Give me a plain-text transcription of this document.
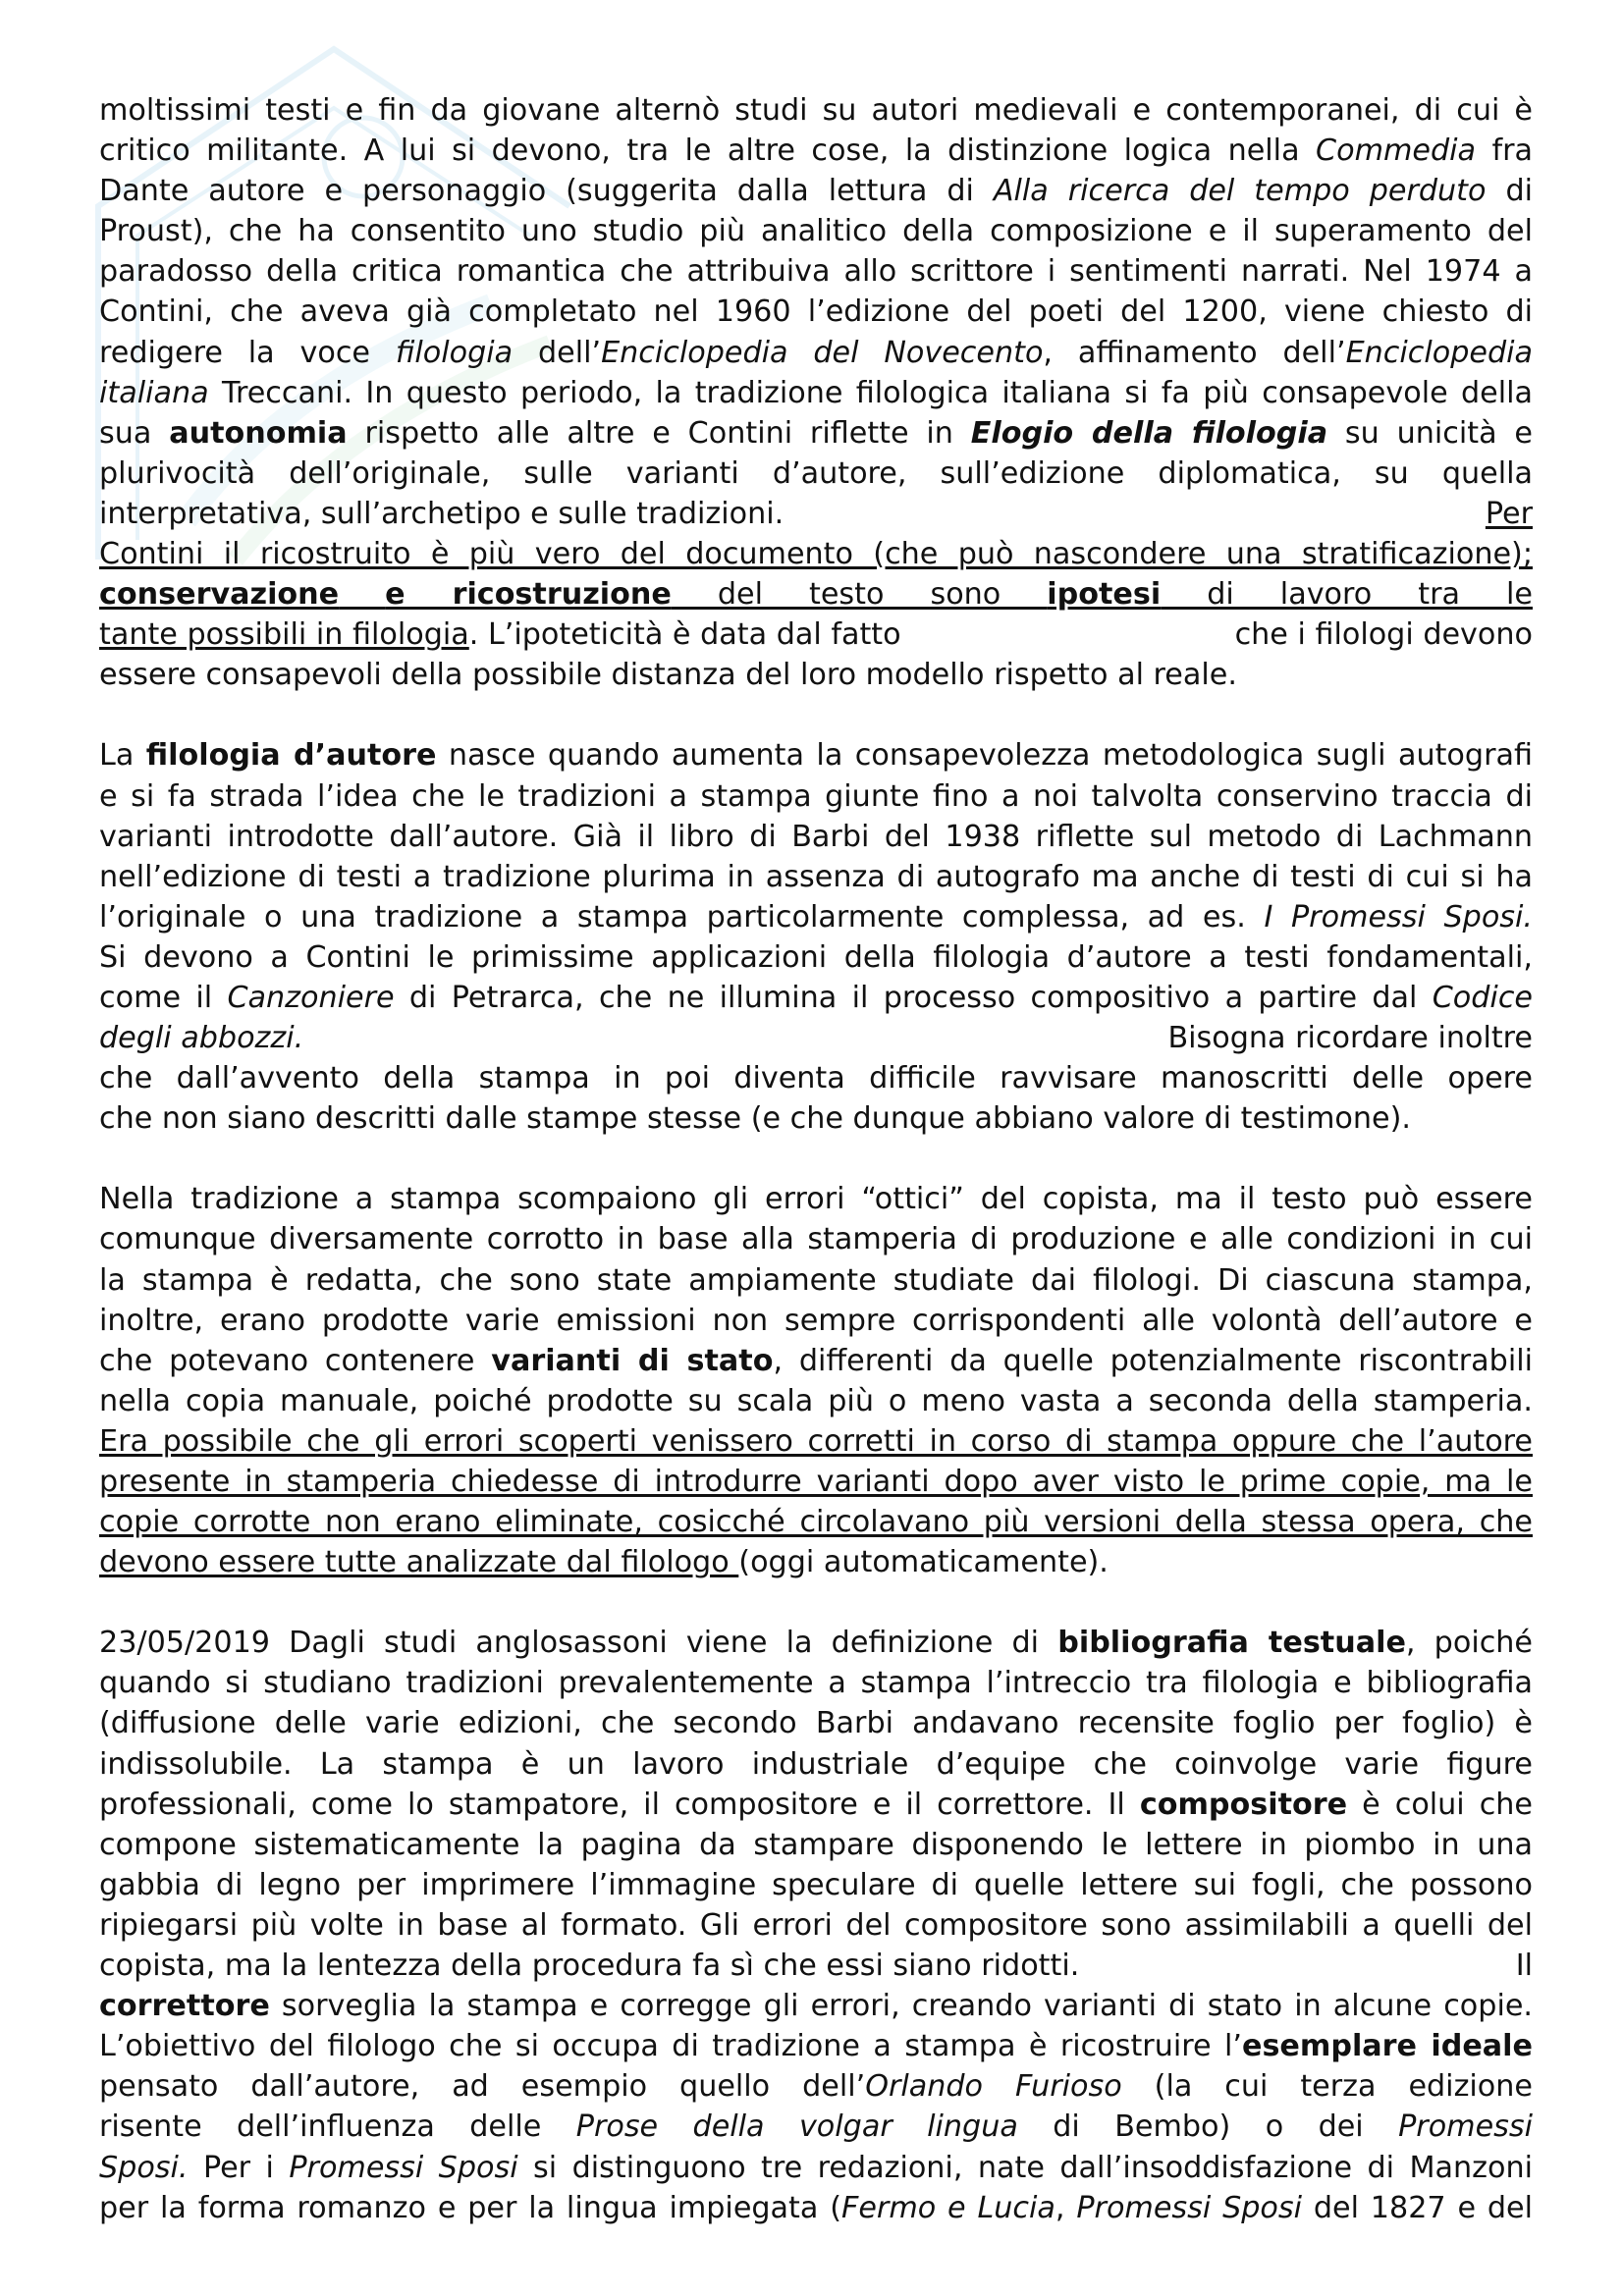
moltissimi testi e fin da giovane alternò studi su autori medievali e contemporanei, di cui è
critico militante. A lui si devono, tra le altre cose, la distinzione logica nella Commedia fra
Dante autore e personaggio (suggerita dalla lettura di Alla ricerca del tempo perduto di
Proust), che ha consentito uno studio più analitico della composizione e il superamento del
paradosso della critica romantica che attribuiva allo scrittore i sentimenti narrati. Nel 1974 a
Contini, che aveva già completato nel 1960 l’edizione del poeti del 1200, viene chiesto di
redigere la voce filologia dell’Enciclopedia del Novecento, affinamento dell’Enciclopedia
italiana Treccani. In questo periodo, la tradizione filologica italiana si fa più consapevole della
sua autonomia rispetto alle altre e Contini riflette in Elogio della filologia su unicità e
plurivocità dell’originale, sulle varianti d’autore, sull’edizione diplomatica, su quella
interpretativa, sull’archetipo e sulle tradizioni.	Per
Contini il ricostruito è più vero del documento (che può nascondere una stratificazione);
conservazione e ricostruzione del testo sono ipotesi di lavoro tra le
tante possibili in filologia. L’ipoteticità è data dal fatto	che i filologi devono
essere consapevoli della possibile distanza del loro modello rispetto al reale.

La filologia d’autore nasce quando aumenta la consapevolezza metodologica sugli autografi
e si fa strada l’idea che le tradizioni a stampa giunte fino a noi talvolta conservino traccia di
varianti introdotte dall’autore. Già il libro di Barbi del 1938 riflette sul metodo di Lachmann
nell’edizione di testi a tradizione plurima in assenza di autografo ma anche di testi di cui si ha
l’originale o una tradizione a stampa particolarmente complessa, ad es. I Promessi Sposi.
Si devono a Contini le primissime applicazioni della filologia d’autore a testi fondamentali,
come il Canzoniere di Petrarca, che ne illumina il processo compositivo a partire dal Codice
degli abbozzi.	Bisogna ricordare inoltre
che dall’avvento della stampa in poi diventa difficile ravvisare manoscritti delle opere
che non siano descritti dalle stampe stesse (e che dunque abbiano valore di testimone).

Nella tradizione a stampa scompaiono gli errori “ottici” del copista, ma il testo può essere
comunque diversamente corrotto in base alla stamperia di produzione e alle condizioni in cui
la stampa è redatta, che sono state ampiamente studiate dai filologi. Di ciascuna stampa,
inoltre, erano prodotte varie emissioni non sempre corrispondenti alle volontà dell’autore e
che potevano contenere varianti di stato, differenti da quelle potenzialmente riscontrabili
nella copia manuale, poiché prodotte su scala più o meno vasta a seconda della stamperia.
Era possibile che gli errori scoperti venissero corretti in corso di stampa oppure che l’autore
presente in stamperia chiedesse di introdurre varianti dopo aver visto le prime copie, ma le
copie corrotte non erano eliminate, cosicché circolavano più versioni della stessa opera, che
devono essere tutte analizzate dal filologo (oggi automaticamente).

23/05/2019 Dagli studi anglosassoni viene la definizione di bibliografia testuale, poiché
quando si studiano tradizioni prevalentemente a stampa l’intreccio tra filologia e bibliografia
(diffusione delle varie edizioni, che secondo Barbi andavano recensite foglio per foglio) è
indissolubile. La stampa è un lavoro industriale d’equipe che coinvolge varie figure
professionali, come lo stampatore, il compositore e il correttore. Il compositore è colui che
compone sistematicamente la pagina da stampare disponendo le lettere in piombo in una
gabbia di legno per imprimere l’immagine speculare di quelle lettere sui fogli, che possono
ripiegarsi più volte in base al formato. Gli errori del compositore sono assimilabili a quelli del
copista, ma la lentezza della procedura fa sì che essi siano ridotti.	Il
correttore sorveglia la stampa e corregge gli errori, creando varianti di stato in alcune copie.
L’obiettivo del filologo che si occupa di tradizione a stampa è ricostruire l’esemplare ideale
pensato dall’autore, ad esempio quello dell’Orlando Furioso (la cui terza edizione
risente dell’influenza delle Prose della volgar lingua di Bembo) o dei Promessi
Sposi. Per i Promessi Sposi si distinguono tre redazioni, nate dall’insoddisfazione di Manzoni
per la forma romanzo e per la lingua impiegata (Fermo e Lucia, Promessi Sposi del 1827 e del
